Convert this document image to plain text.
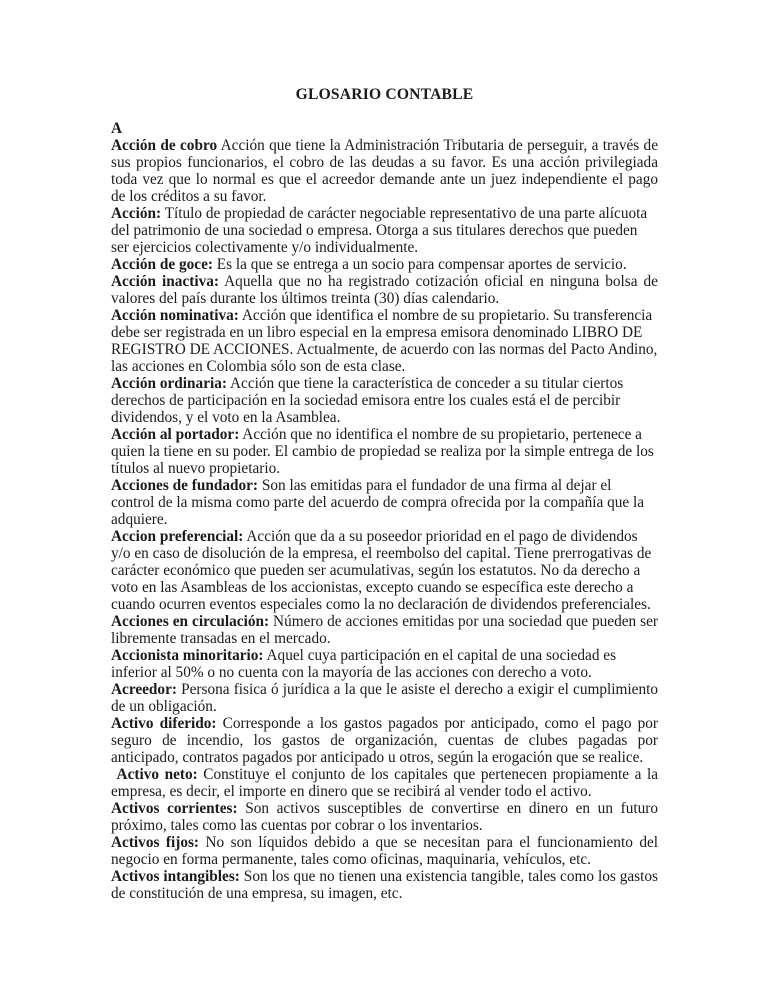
GLOSARIO CONTABLE

A

Acción de cobro Acción que tiene la Administración Tributaria de perseguir, a través de sus propios funcionarios, el cobro de las deudas a su favor. Es una acción privilegiada toda vez que lo normal es que el acreedor demande ante un juez independiente el pago de los créditos a su favor.

Acción: Título de propiedad de carácter negociable representativo de una parte alícuota del patrimonio de una sociedad o empresa. Otorga a sus titulares derechos que pueden ser ejercicios colectivamente y/o individualmente.

Acción de goce: Es la que se entrega a un socio para compensar aportes de servicio.

Acción inactiva: Aquella que no ha registrado cotización oficial en ninguna bolsa de valores del país durante los últimos treinta (30) días calendario.

Acción nominativa: Acción que identifica el nombre de su propietario. Su transferencia debe ser registrada en un libro especial en la empresa emisora denominado LIBRO DE REGISTRO DE ACCIONES. Actualmente, de acuerdo con las normas del Pacto Andino, las acciones en Colombia sólo son de esta clase.

Acción ordinaria: Acción que tiene la característica de conceder a su titular ciertos derechos de participación en la sociedad emisora entre los cuales está el de percibir dividendos, y el voto en la Asamblea.

Acción al portador: Acción que no identifica el nombre de su propietario, pertenece a quien la tiene en su poder. El cambio de propiedad se realiza por la simple entrega de los títulos al nuevo propietario.

Acciones de fundador: Son las emitidas para el fundador de una firma al dejar el control de la misma como parte del acuerdo de compra ofrecida por la compañía que la adquiere.

Accion preferencial: Acción que da a su poseedor prioridad en el pago de dividendos y/o en caso de disolución de la empresa, el reembolso del capital. Tiene prerrogativas de carácter económico que pueden ser acumulativas, según los estatutos. No da derecho a voto en las Asambleas de los accionistas, excepto cuando se específica este derecho a cuando ocurren eventos especiales como la no declaración de dividendos preferenciales.

Acciones en circulación: Número de acciones emitidas por una sociedad que pueden ser libremente transadas en el mercado.

Accionista minoritario: Aquel cuya participación en el capital de una sociedad es inferior al 50% o no cuenta con la mayoría de las acciones con derecho a voto.

Acreedor: Persona fisica ó jurídica a la que le asiste el derecho a exigir el cumplimiento de un obligación.

Activo diferido: Corresponde a los gastos pagados por anticipado, como el pago por seguro de incendio, los gastos de organización, cuentas de clubes pagadas por anticipado, contratos pagados por anticipado u otros, según la erogación que se realice.

Activo neto: Constituye el conjunto de los capitales que pertenecen propiamente a la empresa, es decir, el importe en dinero que se recibirá al vender todo el activo.

Activos corrientes: Son activos susceptibles de convertirse en dinero en un futuro próximo, tales como las cuentas por cobrar o los inventarios.

Activos fijos: No son líquidos debido a que se necesitan para el funcionamiento del negocio en forma permanente, tales como oficinas, maquinaria, vehículos, etc.

Activos intangibles: Son los que no tienen una existencia tangible, tales como los gastos de constitución de una empresa, su imagen, etc.
